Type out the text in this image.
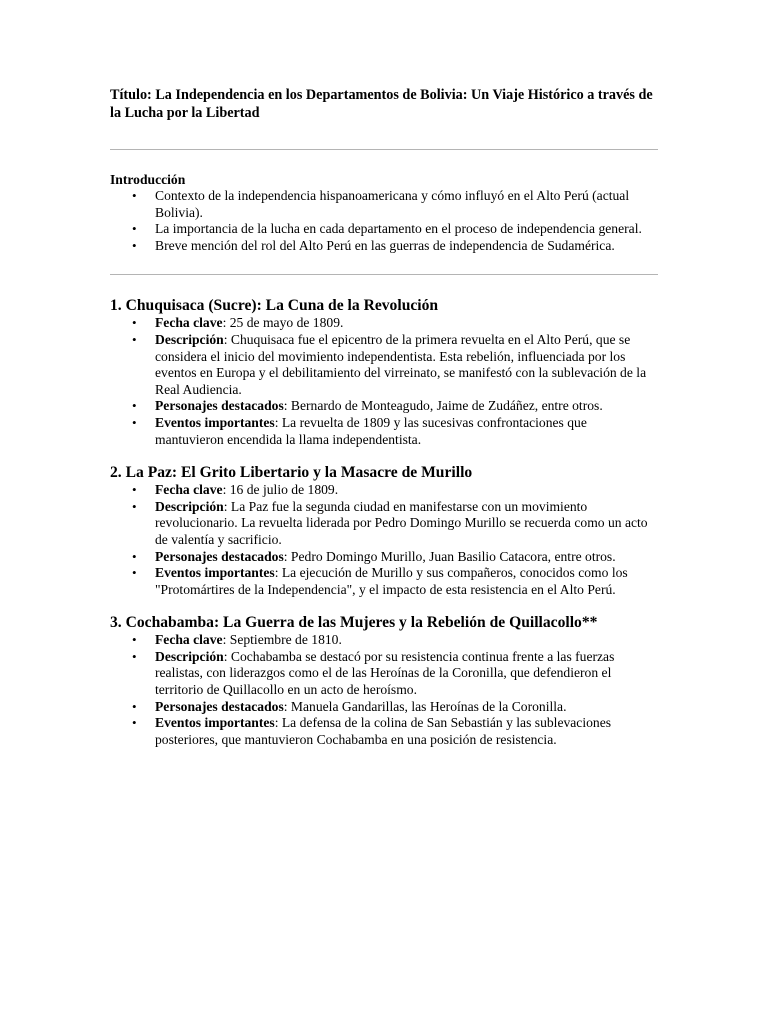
Título: La Independencia en los Departamentos de Bolivia: Un Viaje Histórico a través de la Lucha por la Libertad

Introducción

• Contexto de la independencia hispanoamericana y cómo influyó en el Alto Perú (actual Bolivia).
• La importancia de la lucha en cada departamento en el proceso de independencia general.
• Breve mención del rol del Alto Perú en las guerras de independencia de Sudamérica.
1. Chuquisaca (Sucre): La Cuna de la Revolución
• Fecha clave: 25 de mayo de 1809.
• Descripción: Chuquisaca fue el epicentro de la primera revuelta en el Alto Perú, que se considera el inicio del movimiento independentista. Esta rebelión, influenciada por los eventos en Europa y el debilitamiento del virreinato, se manifestó con la sublevación de la Real Audiencia.
• Personajes destacados: Bernardo de Monteagudo, Jaime de Zudáñez, entre otros.
• Eventos importantes: La revuelta de 1809 y las sucesivas confrontaciones que mantuvieron encendida la llama independentista.
2. La Paz: El Grito Libertario y la Masacre de Murillo
• Fecha clave: 16 de julio de 1809.
• Descripción: La Paz fue la segunda ciudad en manifestarse con un movimiento revolucionario. La revuelta liderada por Pedro Domingo Murillo se recuerda como un acto de valentía y sacrificio.
• Personajes destacados: Pedro Domingo Murillo, Juan Basilio Catacora, entre otros.
• Eventos importantes: La ejecución de Murillo y sus compañeros, conocidos como los "Protomártires de la Independencia", y el impacto de esta resistencia en el Alto Perú.
3. Cochabamba: La Guerra de las Mujeres y la Rebelión de Quillacollo**
• Fecha clave: Septiembre de 1810.
• Descripción: Cochabamba se destacó por su resistencia continua frente a las fuerzas realistas, con liderazgos como el de las Heroínas de la Coronilla, que defendieron el territorio de Quillacollo en un acto de heroísmo.
• Personajes destacados: Manuela Gandarillas, las Heroínas de la Coronilla.
• Eventos importantes: La defensa de la colina de San Sebastián y las sublevaciones posteriores, que mantuvieron Cochabamba en una posición de resistencia.
